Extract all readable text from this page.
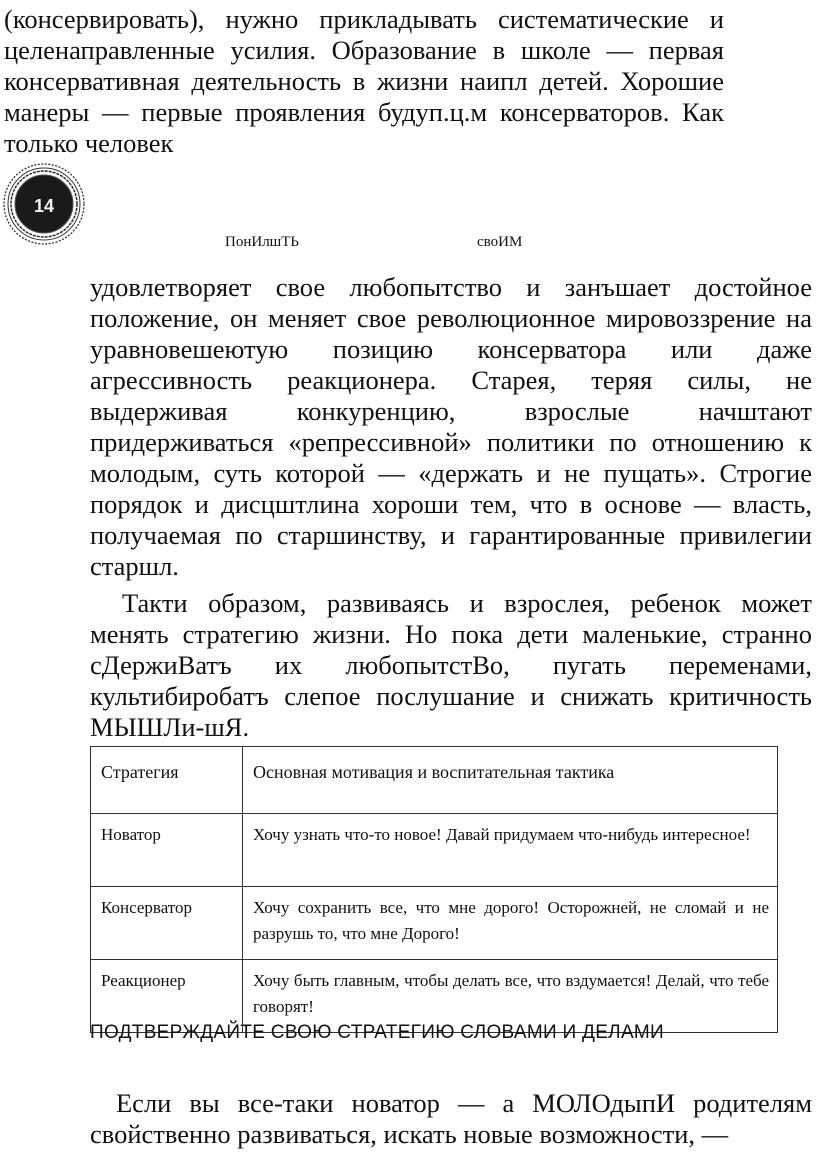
(консервировать), нужно прикладывать систематические и целенаправленные усилия. Образование в школе — первая консервативная деятельность в жизни наипл детей. Хорошие манеры — первые проявления будуп.ц.м консерваторов. Как только человек

14
ПонИлшТЬ	своИМ

удовлетворяет свое любопытство и занъшает достойное положение, он меняет свое революционное мировоззрение на уравновешеютую позицию консерватора или даже агрессивность реакционера. Старея, теряя силы, не выдерживая конкуренцию, взрослые начштают придерживаться «репрессивной» политики по отношению к молодым, суть которой — «держать и не пущать». Строгие порядок и дисцштлина хороши тем, что в основе — власть, получаемая по старшинству, и гарантированные привилегии старшл.

Такти образом, развиваясь и взрослея, ребенок может менять стратегию жизни. Но пока дети маленькие, странно сДержиВатъ их любопытстВо, пугать переменами, культибиробатъ слепое послушание и снижать критичность МЫШЛи-шЯ.

Стратегия	Основная мотивация и воспитательная тактика
Новатор	Хочу узнать что-то новое! Давай придумаем что-нибудь интересное!
Консерватор	Хочу сохранить все, что мне дорого! Осторожней, не сломай и не разрушь то, что мне Дорого!
Реакционер	Хочу быть главным, чтобы делать все, что вздумается! Делай, что тебе говорят!

ПОДТВЕРЖДАЙТЕ СВОЮ СТРАТЕГИЮ СЛОВАМИ И ДЕЛАМИ

Если вы все-таки новатор — а МОЛОдыпИ родителям свойственно развиваться, искать новые возможности, —
